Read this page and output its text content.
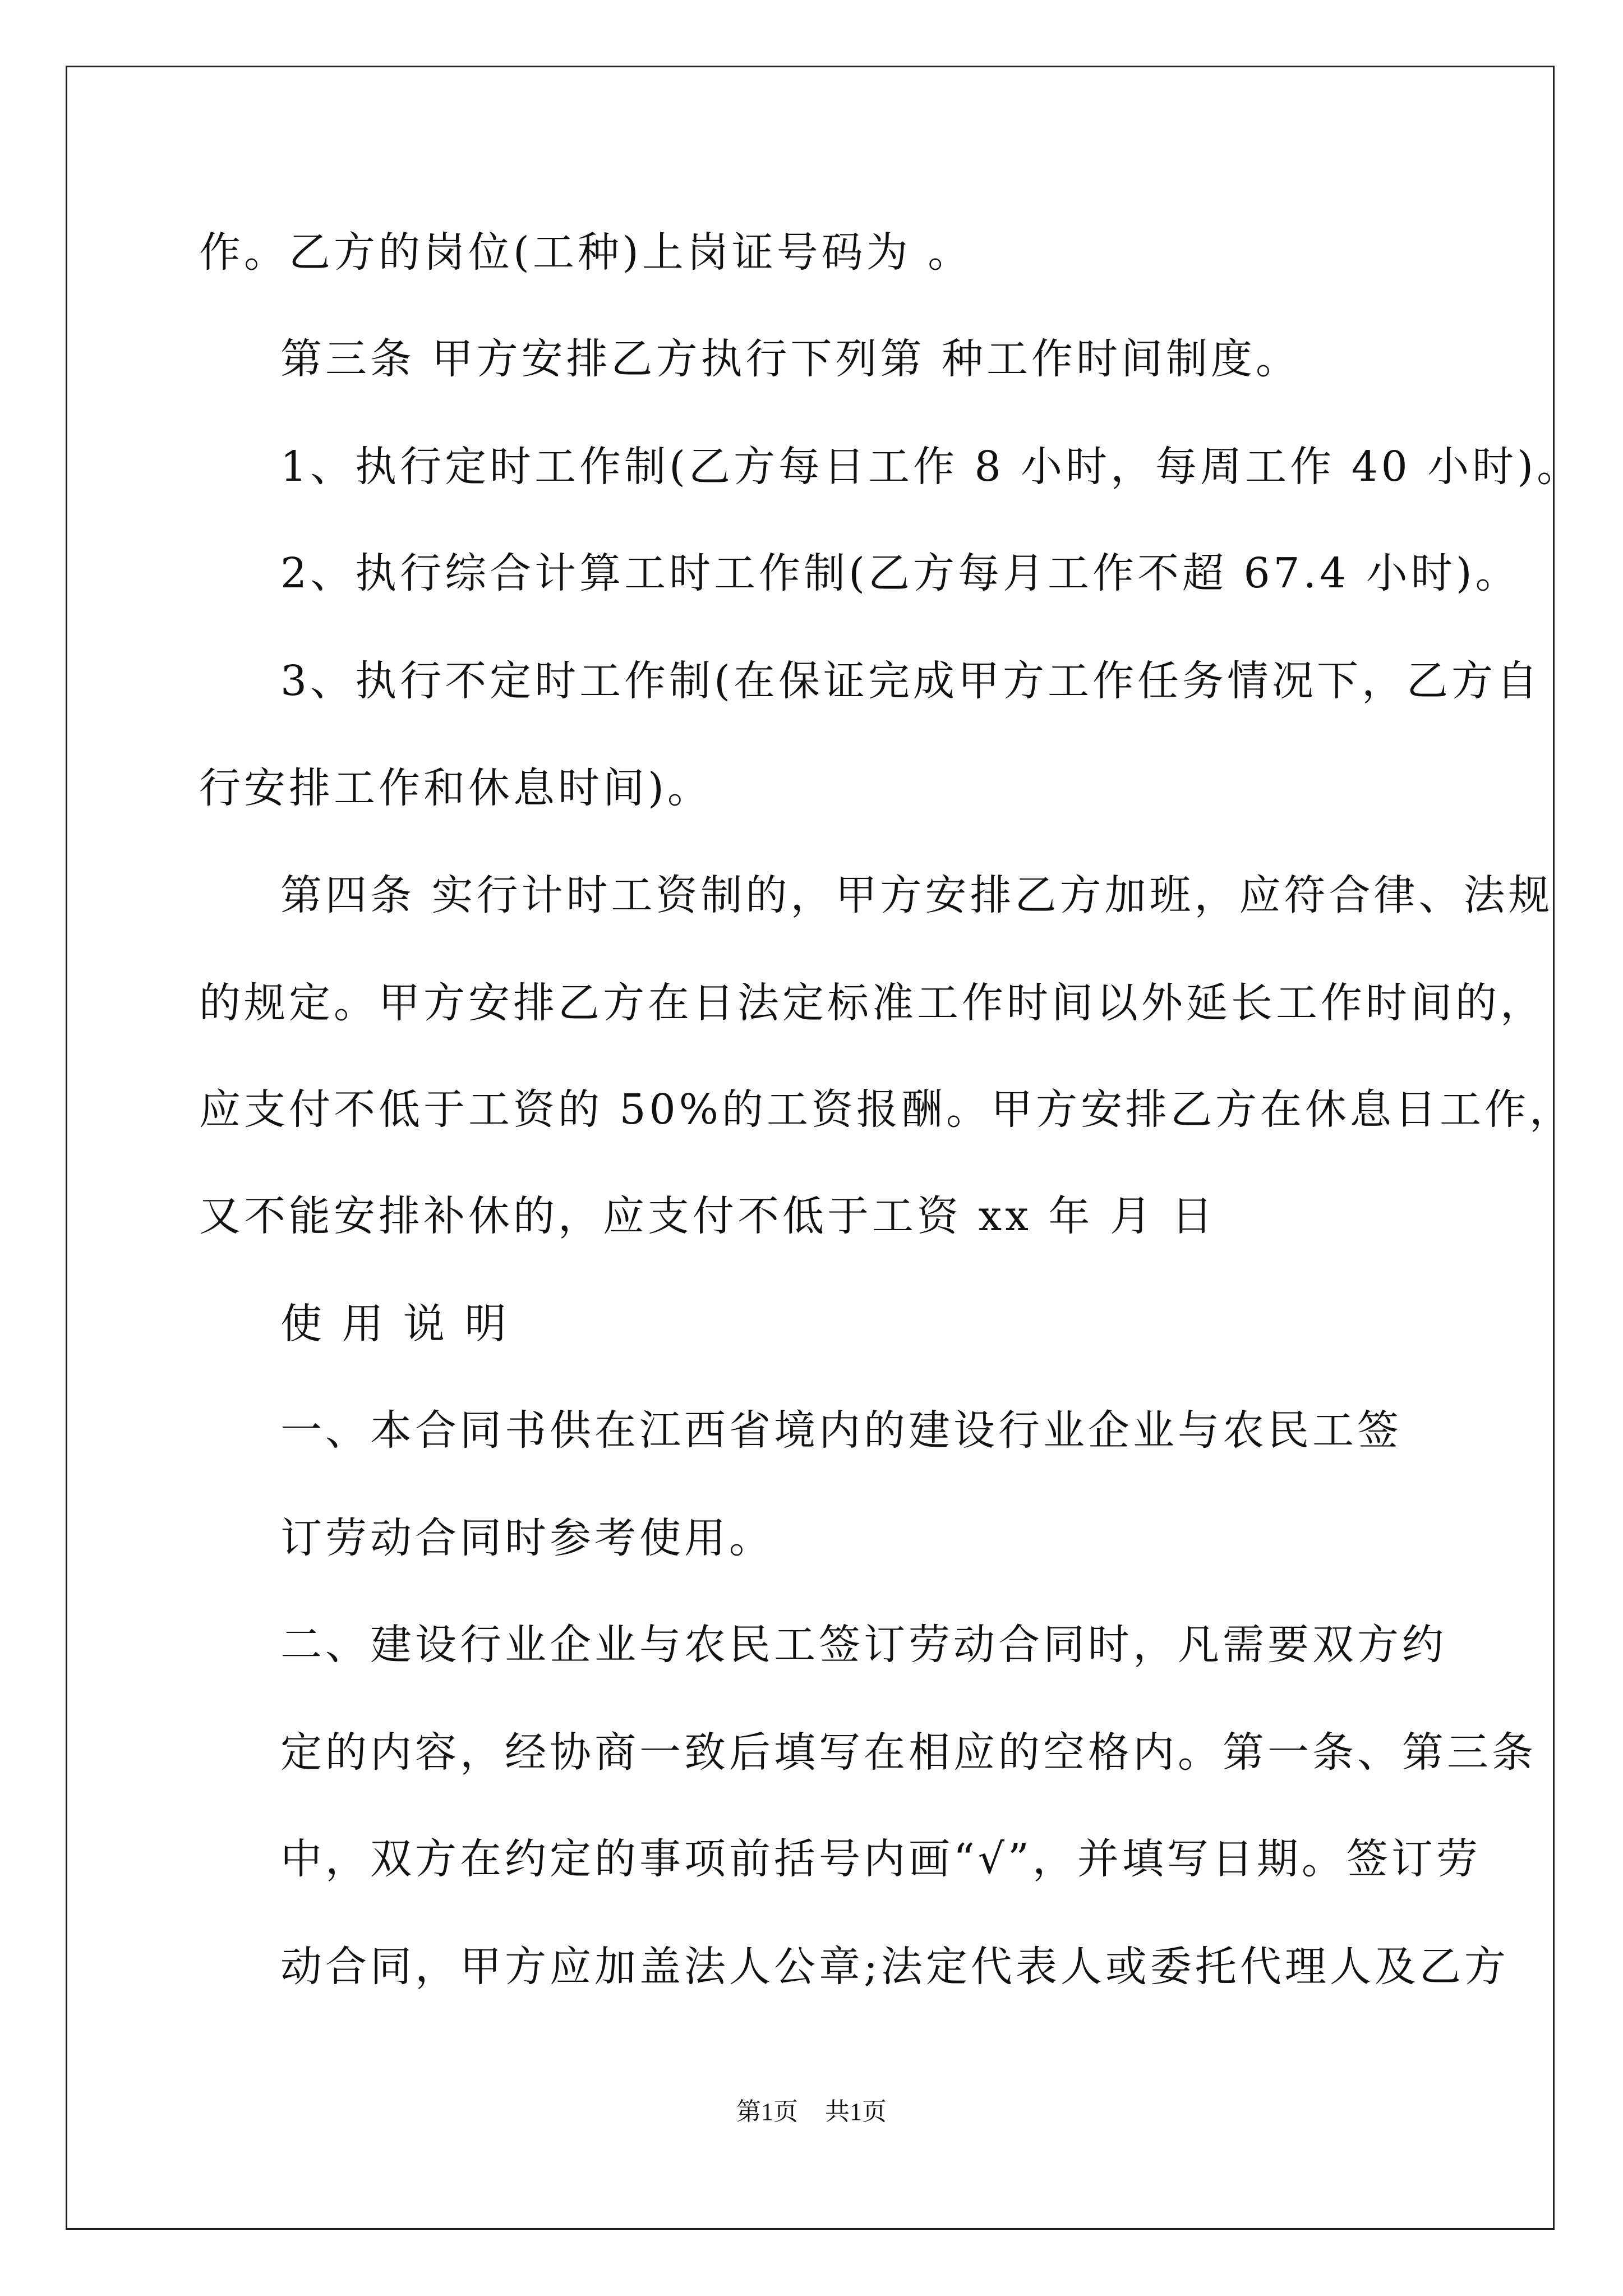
作。乙方的岗位(工种)上岗证号码为 。
第三条 甲方安排乙方执行下列第 种工作时间制度。
1、执行定时工作制(乙方每日工作 8 小时，每周工作 40 小时)。
2、执行综合计算工时工作制(乙方每月工作不超 67.4 小时)。
3、执行不定时工作制(在保证完成甲方工作任务情况下，乙方自
行安排工作和休息时间)。
第四条 实行计时工资制的，甲方安排乙方加班，应符合律、法规
的规定。甲方安排乙方在日法定标准工作时间以外延长工作时间的，
应支付不低于工资的 50%的工资报酬。甲方安排乙方在休息日工作，
又不能安排补休的，应支付不低于工资 xx 年 月 日
使 用 说 明
一、本合同书供在江西省境内的建设行业企业与农民工签
订劳动合同时参考使用。
二、建设行业企业与农民工签订劳动合同时，凡需要双方约
定的内容，经协商一致后填写在相应的空格内。第一条、第三条
中，双方在约定的事项前括号内画“√”，并填写日期。签订劳
动合同，甲方应加盖法人公章;法定代表人或委托代理人及乙方
第1页 共1页
